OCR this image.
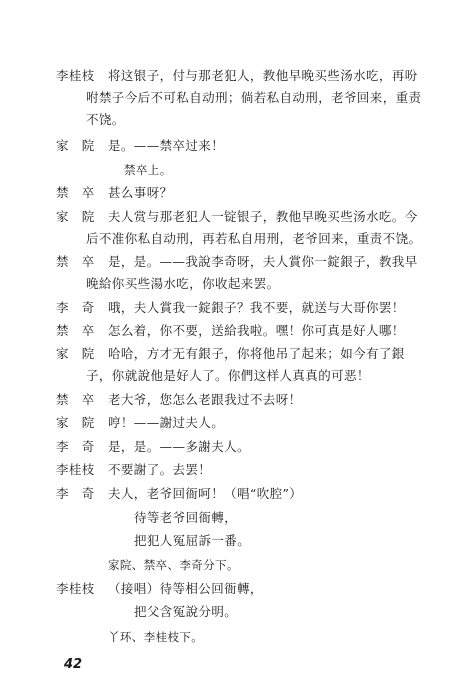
李桂枝 将这银子，付与那老犯人，教他早晚买些汤水吃，再吩
咐禁子今后不可私自动刑；倘若私自动刑，老爷回来，重责
不饶。
家　院 是。——禁卒过来！
禁卒上。
禁　卒 甚么事呀？
家　院 夫人赏与那老犯人一锭银子，教他早晚买些汤水吃。今
后不准你私自动刑，再若私自用刑，老爷回来，重责不饶。
禁　卒 是，是。——我說李奇呀，夫人賞你一錠銀子，教我早
晚給你买些湯水吃，你收起来罢。
李　奇 哦，夫人賞我一錠銀子？我不要，就送与大哥你罢！
禁　卒 怎么着，你不要，送給我啦。嘿！你可真是好人哪！
家　院 哈哈，方才无有銀子，你将他吊了起来；如今有了銀
子，你就說他是好人了。你們这样人真真的可恶！
禁　卒 老大爷，您怎么老跟我过不去呀！
家　院 哼！——謝过夫人。
李　奇 是，是。——多謝夫人。
李桂枝 不要謝了。去罢！
李　奇 夫人，老爷回衙呵！（唱“吹腔”）
待等老爷回衙轉，
把犯人冤屈訴一番。
家院、禁卒、李奇分下。
李桂枝 （接唱）待等相公回衙轉，
把父含冤說分明。
丫环、李桂枝下。
42
